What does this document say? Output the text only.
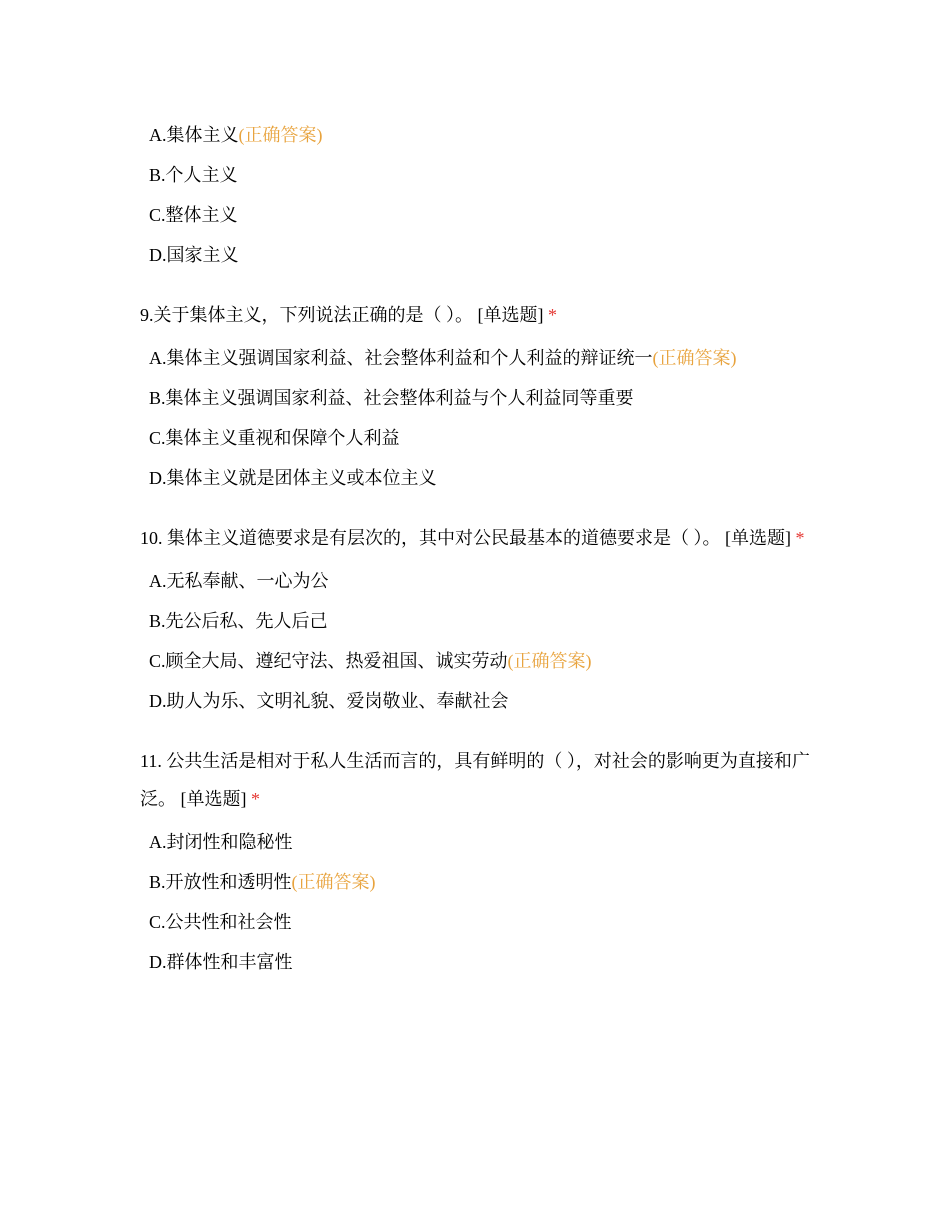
A.集体主义(正确答案)
B.个人主义
C.整体主义
D.国家主义
9.关于集体主义，下列说法正确的是（ ）。 [单选题] *
A.集体主义强调国家利益、社会整体利益和个人利益的辩证统一(正确答案)
B.集体主义强调国家利益、社会整体利益与个人利益同等重要
C.集体主义重视和保障个人利益
D.集体主义就是团体主义或本位主义
10. 集体主义道德要求是有层次的，其中对公民最基本的道德要求是（ ）。 [单选题] *
A.无私奉献、一心为公
B.先公后私、先人后己
C.顾全大局、遵纪守法、热爱祖国、诚实劳动(正确答案)
D.助人为乐、文明礼貌、爱岗敬业、奉献社会
11. 公共生活是相对于私人生活而言的，具有鲜明的（ ），对社会的影响更为直接和广泛。 [单选题] *
A.封闭性和隐秘性
B.开放性和透明性(正确答案)
C.公共性和社会性
D.群体性和丰富性
